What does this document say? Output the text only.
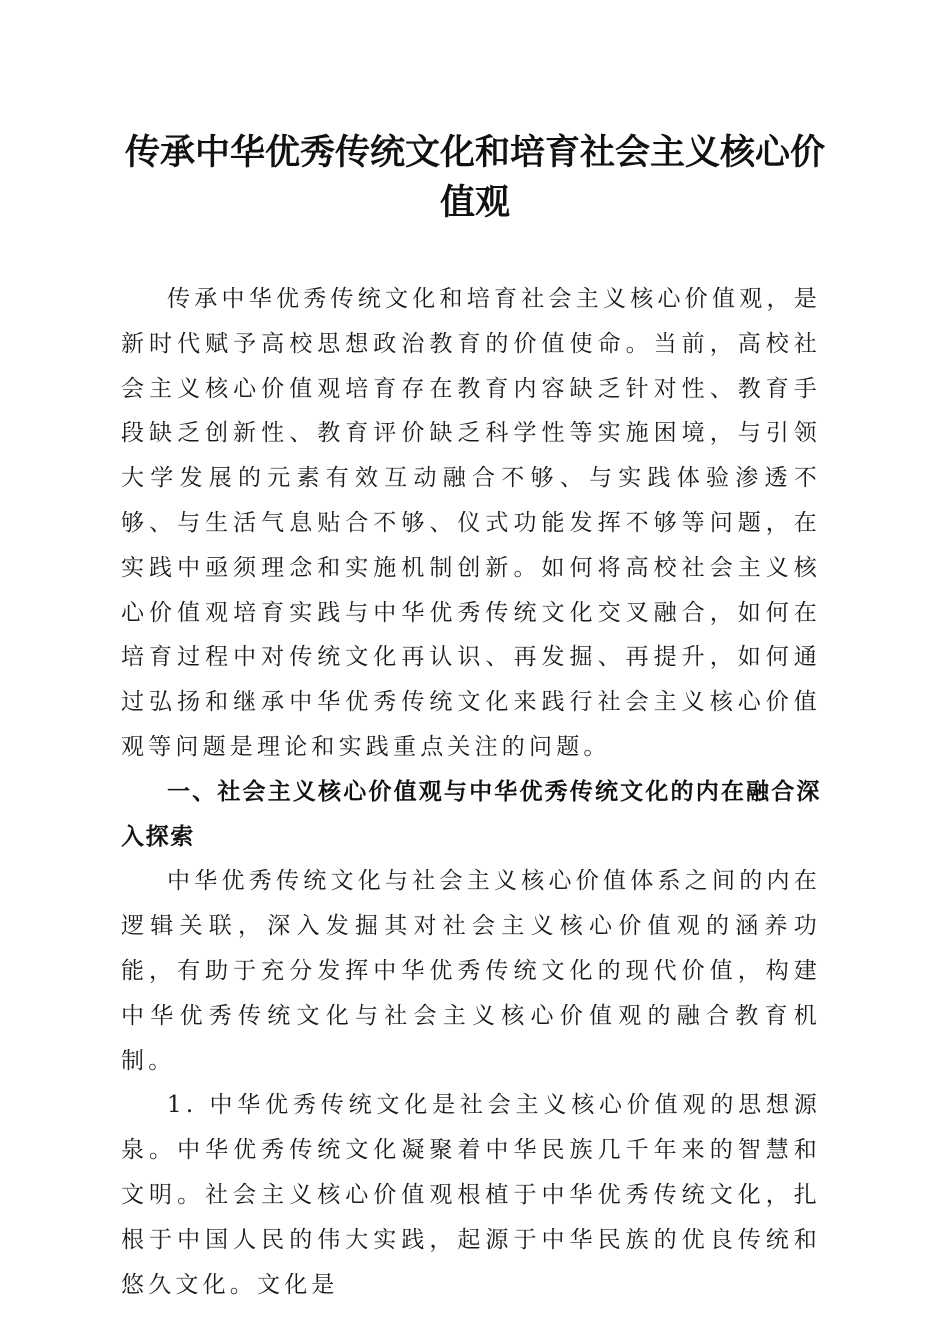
传承中华优秀传统文化和培育社会主义核心价值观

传承中华优秀传统文化和培育社会主义核心价值观，是新时代赋予高校思想政治教育的价值使命。当前，高校社会主义核心价值观培育存在教育内容缺乏针对性、教育手段缺乏创新性、教育评价缺乏科学性等实施困境，与引领大学发展的元素有效互动融合不够、与实践体验渗透不够、与生活气息贴合不够、仪式功能发挥不够等问题，在实践中亟须理念和实施机制创新。如何将高校社会主义核心价值观培育实践与中华优秀传统文化交叉融合，如何在培育过程中对传统文化再认识、再发掘、再提升，如何通过弘扬和继承中华优秀传统文化来践行社会主义核心价值观等问题是理论和实践重点关注的问题。

一、社会主义核心价值观与中华优秀传统文化的内在融合深入探索

中华优秀传统文化与社会主义核心价值体系之间的内在逻辑关联，深入发掘其对社会主义核心价值观的涵养功能，有助于充分发挥中华优秀传统文化的现代价值，构建中华优秀传统文化与社会主义核心价值观的融合教育机制。

1. 中华优秀传统文化是社会主义核心价值观的思想源泉。中华优秀传统文化凝聚着中华民族几千年来的智慧和文明。社会主义核心价值观根植于中华优秀传统文化，扎根于中国人民的伟大实践，起源于中华民族的优良传统和悠久文化。文化是
